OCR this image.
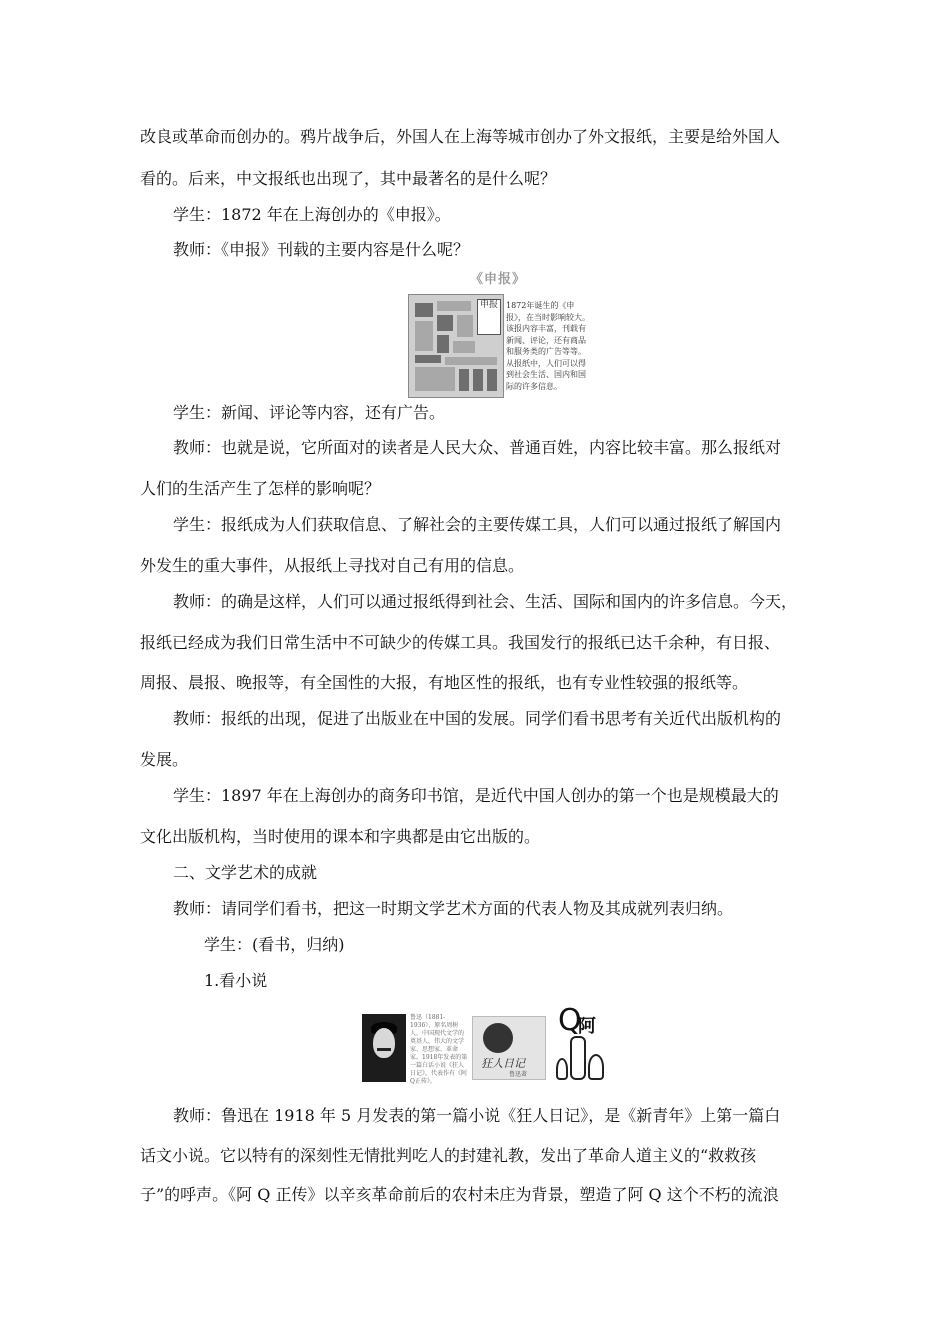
改良或革命而创办的。鸦片战争后，外国人在上海等城市创办了外文报纸，主要是给外国人
看的。后来，中文报纸也出现了，其中最著名的是什么呢？
学生：1872 年在上海创办的《申报》。
教师：《申报》刊载的主要内容是什么呢？
《申报》
申报	1872年诞生的《申报》，在当时影响较大。该报内容丰富，刊载有新闻、评论，还有商品和服务类的广告等等。从报纸中，人们可以得到社会生活、国内和国际的许多信息。
学生：新闻、评论等内容，还有广告。
教师：也就是说，它所面对的读者是人民大众、普通百姓，内容比较丰富。那么报纸对
人们的生活产生了怎样的影响呢？
学生：报纸成为人们获取信息、了解社会的主要传媒工具，人们可以通过报纸了解国内
外发生的重大事件，从报纸上寻找对自己有用的信息。
教师：的确是这样，人们可以通过报纸得到社会、生活、国际和国内的许多信息。今天，
报纸已经成为我们日常生活中不可缺少的传媒工具。我国发行的报纸已达千余种，有日报、
周报、晨报、晚报等，有全国性的大报，有地区性的报纸，也有专业性较强的报纸等。
教师：报纸的出现，促进了出版业在中国的发展。同学们看书思考有关近代出版机构的
发展。
学生：1897 年在上海创办的商务印书馆，是近代中国人创办的第一个也是规模最大的
文化出版机构，当时使用的课本和字典都是由它出版的。
二、文学艺术的成就
教师：请同学们看书，把这一时期文学艺术方面的代表人物及其成就列表归纳。
学生：(看书，归纳)
1.看小说
鲁迅（1881-1936），原名周树人，中国现代文学的奠基人，伟大的文学家、思想家、革命家。1918年发表的第一篇白话小说《狂人日记》，代表作有《阿Q正传》。
狂人日记
鲁迅著
Q
阿
教师：鲁迅在 1918 年 5 月发表的第一篇小说《狂人日记》，是《新青年》上第一篇白
话文小说。它以特有的深刻性无情批判吃人的封建礼教，发出了革命人道主义的“救救孩
子”的呼声。《阿 Q 正传》以辛亥革命前后的农村未庄为背景，塑造了阿 Q 这个不朽的流浪
